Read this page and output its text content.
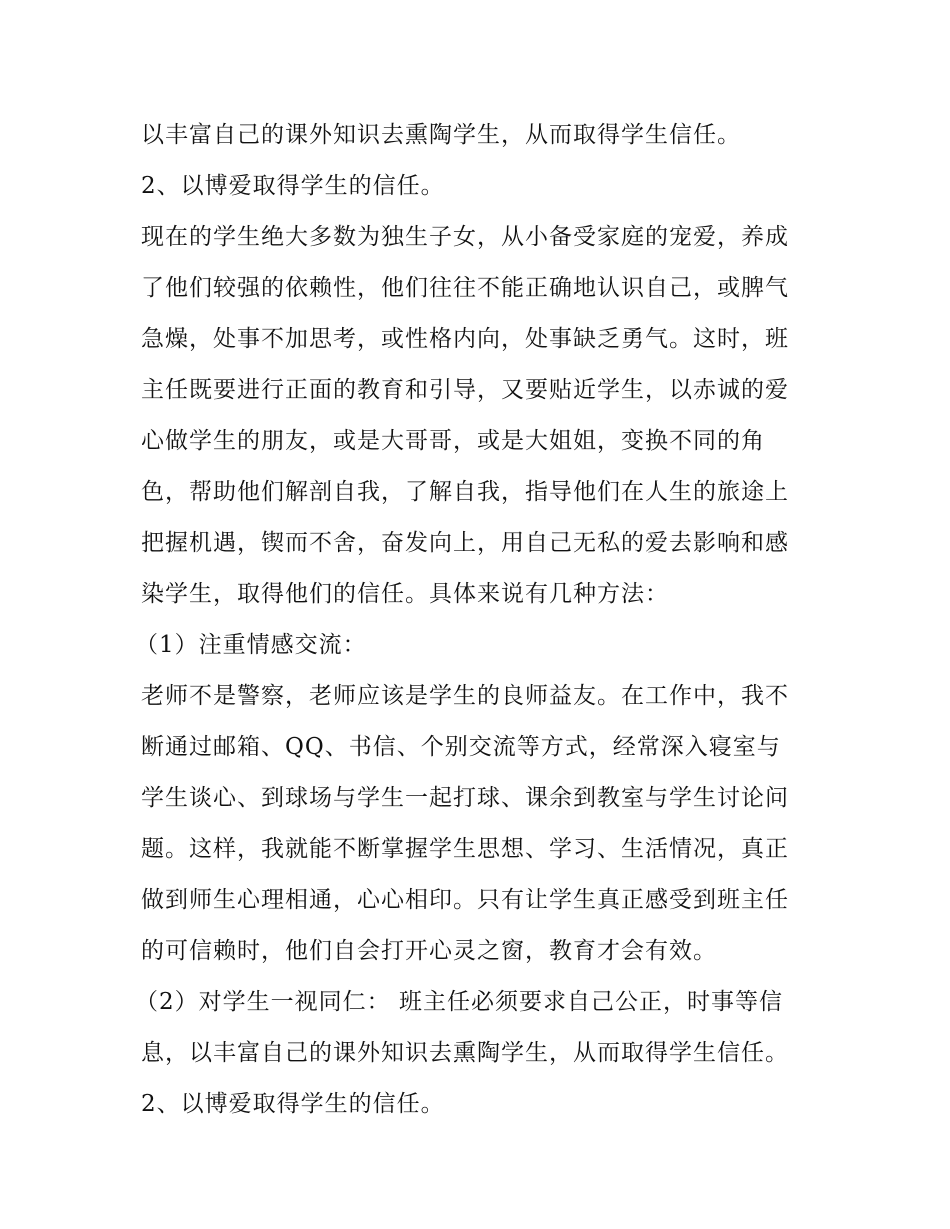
以丰富自己的课外知识去熏陶学生，从而取得学生信任。
2、以博爱取得学生的信任。
现在的学生绝大多数为独生子女，从小备受家庭的宠爱，养成
了他们较强的依赖性，他们往往不能正确地认识自己，或脾气
急燥，处事不加思考，或性格内向，处事缺乏勇气。这时，班
主任既要进行正面的教育和引导，又要贴近学生，以赤诚的爱
心做学生的朋友，或是大哥哥，或是大姐姐，变换不同的角
色，帮助他们解剖自我，了解自我，指导他们在人生的旅途上
把握机遇，锲而不舍，奋发向上，用自己无私的爱去影响和感
染学生，取得他们的信任。具体来说有几种方法：
（1）注重情感交流：
老师不是警察，老师应该是学生的良师益友。在工作中，我不
断通过邮箱、QQ、书信、个别交流等方式，经常深入寝室与
学生谈心、到球场与学生一起打球、课余到教室与学生讨论问
题。这样，我就能不断掌握学生思想、学习、生活情况，真正
做到师生心理相通，心心相印。只有让学生真正感受到班主任
的可信赖时，他们自会打开心灵之窗，教育才会有效。
（2）对学生一视同仁： 班主任必须要求自己公正，时事等信
息，以丰富自己的课外知识去熏陶学生，从而取得学生信任。
2、以博爱取得学生的信任。
